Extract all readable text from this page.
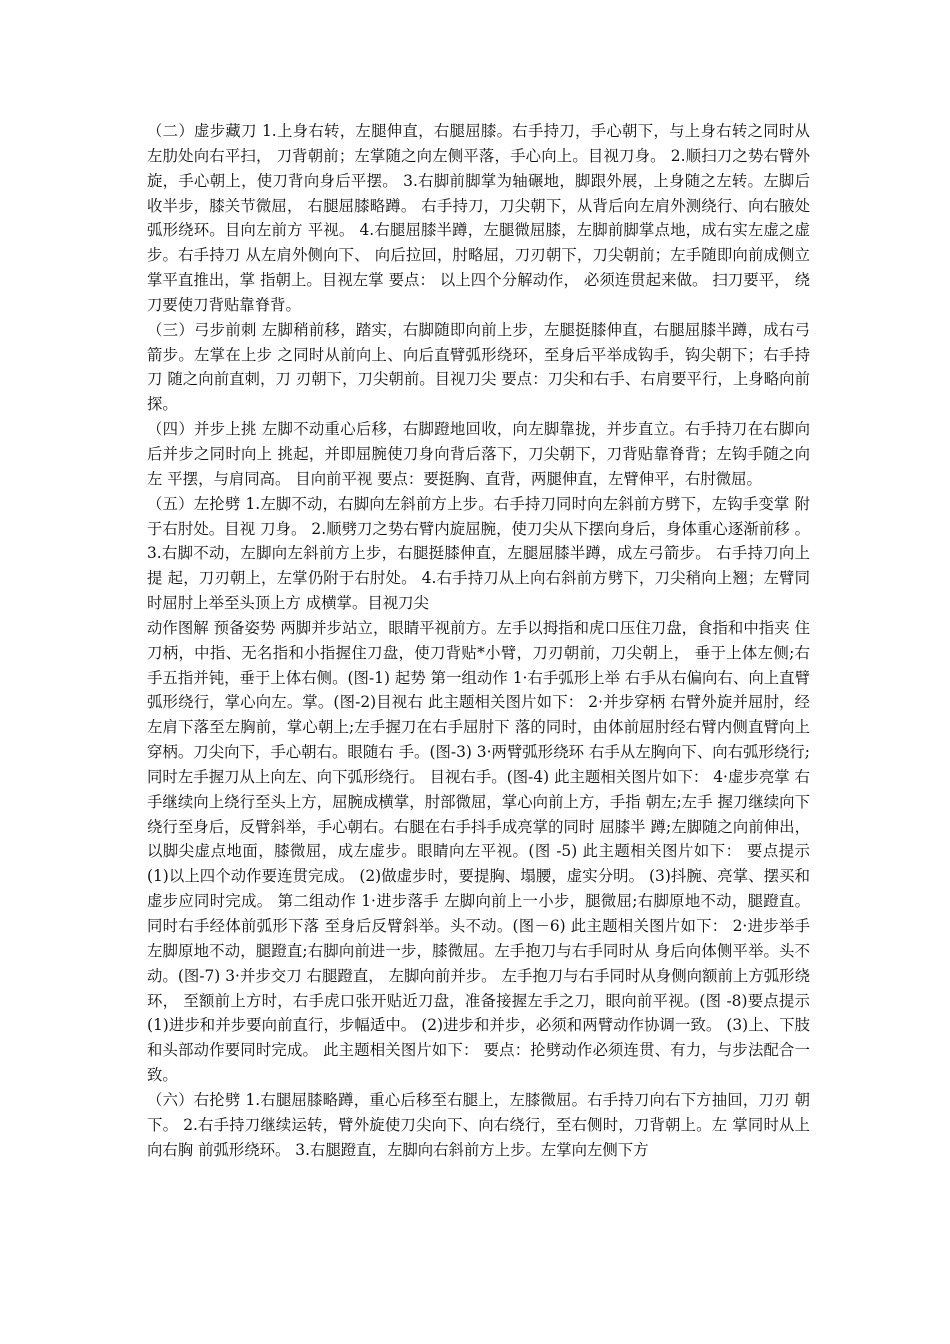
（二）虚步藏刀 1.上身右转，左腿伸直，右腿屈膝。右手持刀，手心朝下，与上身右转之同时从 左肋处向右平扫， 刀背朝前；左掌随之向左侧平落，手心向上。目视刀身。 2.顺扫刀之势右臂外旋，手心朝上，使刀背向身后平摆。 3.右脚前脚掌为轴碾地，脚跟外展，上身随之左转。左脚后收半步，膝关节微屈， 右腿屈膝略蹲。 右手持刀，刀尖朝下，从背后向左肩外测绕行、向右腋处弧形绕环。目向左前方 平视。 4.右腿屈膝半蹲，左腿微屈膝，左脚前脚掌点地，成右实左虚之虚步。右手持刀 从左肩外侧向下、 向后拉回，肘略屈，刀刃朝下，刀尖朝前；左手随即向前成侧立掌平直推出，掌 指朝上。目视左掌 要点： 以上四个分解动作， 必须连贯起来做。 扫刀要平， 绕刀要使刀背贴靠脊背。

（三）弓步前刺 左脚稍前移，踏实，右脚随即向前上步，左腿挺膝伸直，右腿屈膝半蹲，成右弓 箭步。左掌在上步 之同时从前向上、向后直臂弧形绕环，至身后平举成钩手，钩尖朝下；右手持刀 随之向前直刺，刀 刃朝下，刀尖朝前。目视刀尖 要点：刀尖和右手、右肩要平行，上身略向前探。

（四）并步上挑 左脚不动重心后移，右脚蹬地回收，向左脚靠拢，并步直立。右手持刀在右脚向 后并步之同时向上 挑起，并即屈腕使刀身向背后落下，刀尖朝下，刀背贴靠脊背；左钩手随之向左 平摆，与肩同高。 目向前平视 要点：要挺胸、直背，两腿伸直，左臂伸平，右肘微屈。

（五）左抡劈 1.左脚不动，右脚向左斜前方上步。右手持刀同时向左斜前方劈下，左钩手变掌 附于右肘处。目视 刀身。 2.顺劈刀之势右臂内旋屈腕，使刀尖从下摆向身后，身体重心逐渐前移 。 3.右脚不动，左脚向左斜前方上步，右腿挺膝伸直，左腿屈膝半蹲，成左弓箭步。 右手持刀向上提 起，刀刃朝上，左掌仍附于右肘处。 4.右手持刀从上向右斜前方劈下，刀尖稍向上翘；左臂同时屈肘上举至头顶上方 成横掌。目视刀尖

动作图解 预备姿势 两脚并步站立，眼睛平视前方。左手以拇指和虎口压住刀盘，食指和中指夹 住刀柄，中指、无名指和小指握住刀盘，使刀背贴*小臂，刀刃朝前，刀尖朝上， 垂于上体左侧;右手五指并钝，垂于上体右侧。(图-1) 起势 第一组动作 1·右手弧形上举 右手从右偏向右、向上直臂弧形绕行，掌心向左。掌。(图-2)目视右 此主题相关图片如下： 2·并步穿柄 右臂外旋并屈肘，经左肩下落至左胸前，掌心朝上;左手握刀在右手屈肘下 落的同时，由体前屈肘经右臂内侧直臂向上穿柄。刀尖向下，手心朝右。眼随右 手。(图-3) 3·两臂弧形绕环 右手从左胸向下、向右弧形绕行;同时左手握刀从上向左、向下弧形绕行。 目视右手。(图-4) 此主题相关图片如下： 4·虚步亮掌 右手继续向上绕行至头上方，屈腕成横掌，肘部微屈，掌心向前上方，手指 朝左;左手 握刀继续向下绕行至身后，反臂斜举，手心朝右。右腿在右手抖手成亮掌的同时 屈膝半 蹲;左脚随之向前伸出，以脚尖虚点地面，膝微屈，成左虚步。眼睛向左平视。(图 -5) 此主题相关图片如下： 要点提示 (1)以上四个动作要连贯完成。 (2)做虚步时，要提胸、塌腰，虚实分明。 (3)抖腕、亮掌、摆买和虚步应同时完成。 第二组动作 1·进步落手 左脚向前上一小步，腿微屈;右脚原地不动，腿蹬直。同时右手经体前弧形下落 至身后反臂斜举。头不动。(图－6) 此主题相关图片如下： 2·进步举手 左脚原地不动，腿蹬直;右脚向前进一步，膝微屈。左手抱刀与右手同时从 身后向体侧平举。头不动。(图-7) 3·并步交刀 右腿蹬直， 左脚向前并步。 左手抱刀与右手同时从身侧向额前上方弧形绕环， 至额前上方时，右手虎口张开贴近刀盘，准备接握左手之刀，眼向前平视。(图 -8)要点提示 (1)进步和并步要向前直行，步幅适中。 (2)进步和并步，必须和两臂动作协调一致。 (3)上、下肢和头部动作要同时完成。 此主题相关图片如下： 要点：抡劈动作必须连贯、有力，与步法配合一致。

（六）右抡劈 1.右腿屈膝略蹲，重心后移至右腿上，左膝微屈。右手持刀向右下方抽回，刀刃 朝下。 2.右手持刀继续运转，臂外旋使刀尖向下、向右绕行，至右侧时，刀背朝上。左 掌同时从上向右胸 前弧形绕环。 3.右腿蹬直，左脚向右斜前方上步。左掌向左侧下方
